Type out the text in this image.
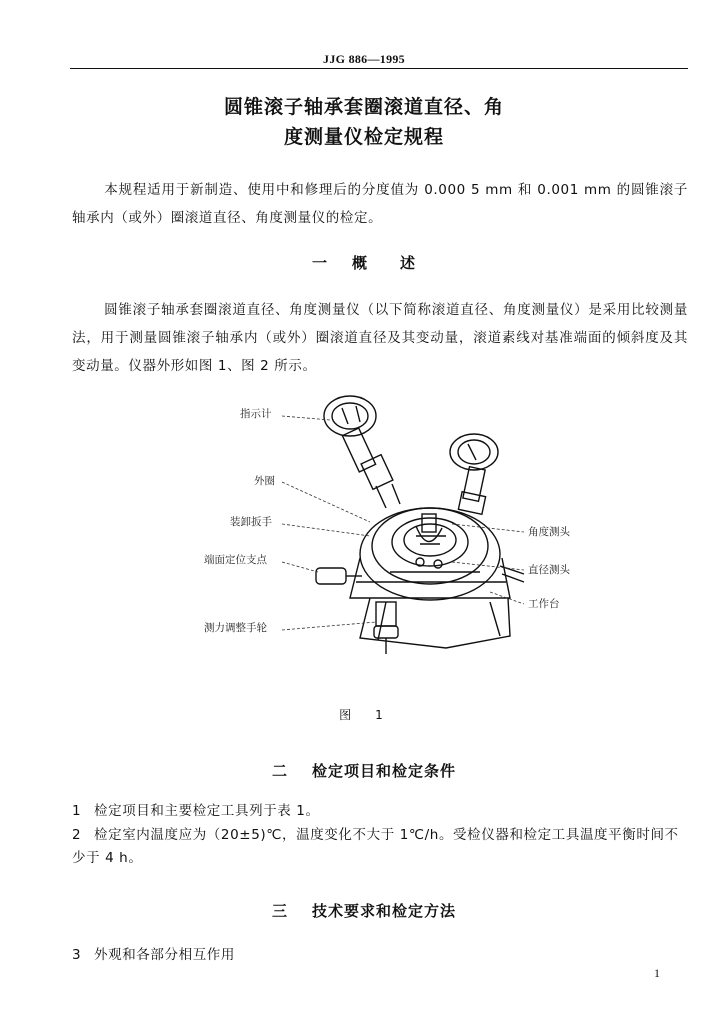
JJG 886—1995
圆锥滚子轴承套圈滚道直径、角
度测量仪检定规程
本规程适用于新制造、使用中和修理后的分度值为 0.000 5 mm 和 0.001 mm 的圆锥滚子轴承内（或外）圈滚道直径、角度测量仪的检定。
一 概　　述
圆锥滚子轴承套圈滚道直径、角度测量仪（以下简称滚道直径、角度测量仪）是采用比较测量法，用于测量圆锥滚子轴承内（或外）圈滚道直径及其变动量，滚道素线对基准端面的倾斜度及其变动量。仪器外形如图 1、图 2 所示。
指示计
外圈
装卸扳手
端面定位支点
测力调整手轮
角度测头
直径测头
工作台
图　1
二 检定项目和检定条件
1 检定项目和主要检定工具列于表 1。
2 检定室内温度应为（20±5)℃，温度变化不大于 1℃/h。受检仪器和检定工具温度平衡时间不少于 4 h。
三 技术要求和检定方法
3 外观和各部分相互作用
1
